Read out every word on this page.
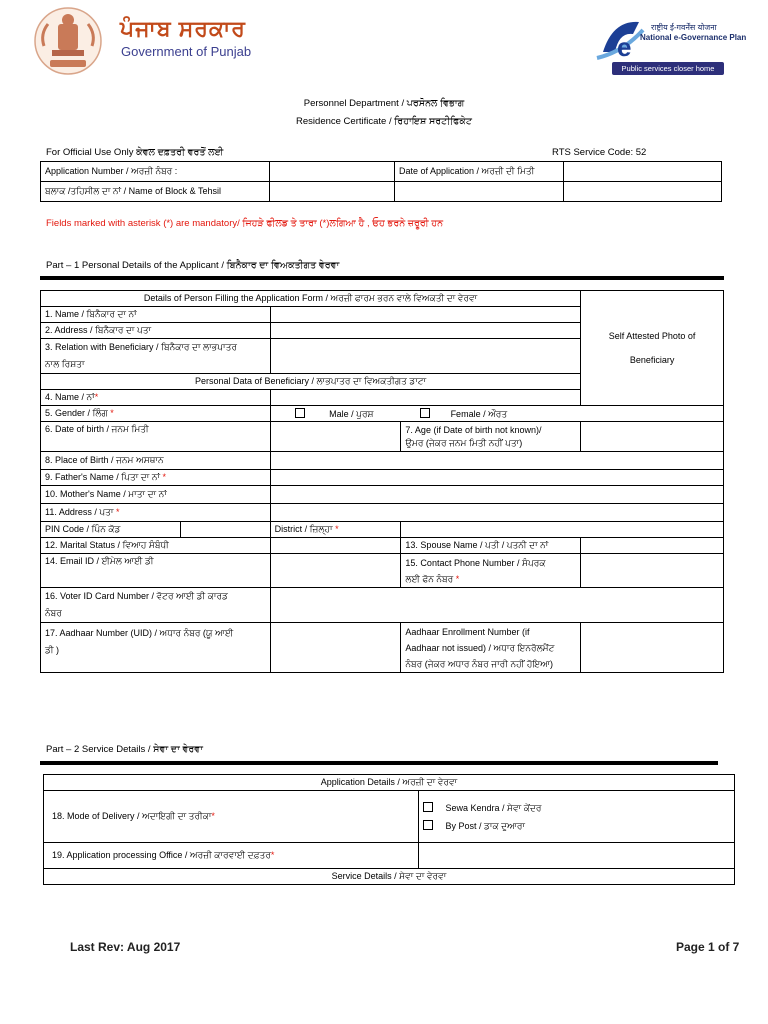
ਪੰਜਾਬ ਸਰਕਾਰ
Government of Punjab	e
राष्ट्रीय ई-गवर्नेंस योजना
National e-Governance Plan
Public services closer home
Personnel Department / ਪਰਸੋਨਲ ਵਿਭਾਗ
Residence Certificate / ਰਿਹਾਇਸ਼ ਸਰਟੀਫਿਕੇਟ
For Official Use Only ਕੇਵਲ ਦਫ਼ਤਰੀ ਵਰਤੋਂ ਲਈ	RTS Service Code: 52
Application Number / ਅਰਜ਼ੀ ਨੰਬਰ :		Date of Application / ਅਰਜ਼ੀ ਦੀ ਮਿਤੀ	
ਬਲਾਕ /ਤਹਿਸੀਲ ਦਾ ਨਾਂ / Name of Block & Tehsil			
Fields marked with asterisk (*) are mandatory/ ਜਿਹੜੇ ਫੀਲਡ ਤੇ ਤਾਰਾ (*)ਲਗਿਆ ਹੈ , ਓਹ ਭਰਨੇ ਜ਼ਰੂਰੀ ਹਨ
Part – 1 Personal Details of the Applicant / ਬਿਨੈਕਾਰ ਦਾ ਵਿਅਕਤੀਗਤ ਵੇਰਵਾ
Details of Person Filling the Application Form / ਅਰਜ਼ੀ ਫਾਰਮ ਭਰਨ ਵਾਲੇ ਵਿਅਕਤੀ ਦਾ ਵੇਰਵਾ				Self Attested Photo of
Beneficiary
1. Name / ਬਿਨੈਕਾਰ ਦਾ ਨਾਂ				
2. Address / ਬਿਨੈਕਾਰ ਦਾ ਪਤਾ				
3. Relation with Beneficiary / ਬਿਨੈਕਾਰ ਦਾ ਲਾਭਪਾਤਰ
ਨਾਲ ਰਿਸ਼ਤਾ				
Personal Data of Beneficiary / ਲਾਭਪਾਤਰ ਦਾ ਵਿਅਕਤੀਗਤ ਡਾਟਾ				
4. Name / ਨਾਂ*				
5. Gender / ਲਿੰਗ *		Male / ਪੁਰਸ਼ Female / ਔਰਤ		
6. Date of birth / ਜਨਮ ਮਿਤੀ			7. Age (if Date of birth not known)/
ਉਮਰ (ਜੇਕਰ ਜਨਮ ਮਿਤੀ ਨਹੀਂ ਪਤਾ)	
8. Place of Birth / ਜਨਮ ਅਸਥਾਨ				
9. Father's Name / ਪਿਤਾ ਦਾ ਨਾਂ *				
10. Mother's Name / ਮਾਤਾ ਦਾ ਨਾਂ				
11. Address / ਪਤਾ *				
PIN Code / ਪਿੰਨ ਕੋਡ		District / ਜ਼ਿਲ੍ਹਾ *		
12. Marital Status / ਵਿਆਹ ਸੰਬੰਧੀ			13. Spouse Name / ਪਤੀ / ਪਤਨੀ ਦਾ ਨਾਂ	
14. Email ID / ਈਮੇਲ ਆਈ ਡੀ			15. Contact Phone Number / ਸੰਪਰਕ
ਲਈ ਫੋਨ ਨੰਬਰ *	
16. Voter ID Card Number / ਵੋਟਰ ਆਈ ਡੀ ਕਾਰਡ
ਨੰਬਰ				
17. Aadhaar Number (UID) / ਅਧਾਰ ਨੰਬਰ (ਯੂ ਆਈ
ਡੀ )			Aadhaar Enrollment Number (if
Aadhaar not issued) / ਅਧਾਰ ਇਨਰੋਲਮੈਂਟ
ਨੰਬਰ (ਜੇਕਰ ਅਧਾਰ ਨੰਬਰ ਜਾਰੀ ਨਹੀਂ ਹੋਇਆ)	
Part – 2 Service Details / ਸੇਵਾ ਦਾ ਵੇਰਵਾ
Application Details / ਅਰਜ਼ੀ ਦਾ ਵੇਰਵਾ	
18. Mode of Delivery / ਅਦਾਇਗੀ ਦਾ ਤਰੀਕਾ*	Sewa Kendra / ਸੇਵਾ ਕੇਂਦਰ
By Post / ਡਾਕ ਦੁਆਰਾ
19. Application processing Office / ਅਰਜ਼ੀ ਕਾਰਵਾਈ ਦਫ਼ਤਰ*	
Service Details / ਸੇਵਾ ਦਾ ਵੇਰਵਾ	
Last Rev: Aug 2017	Page 1 of 7
